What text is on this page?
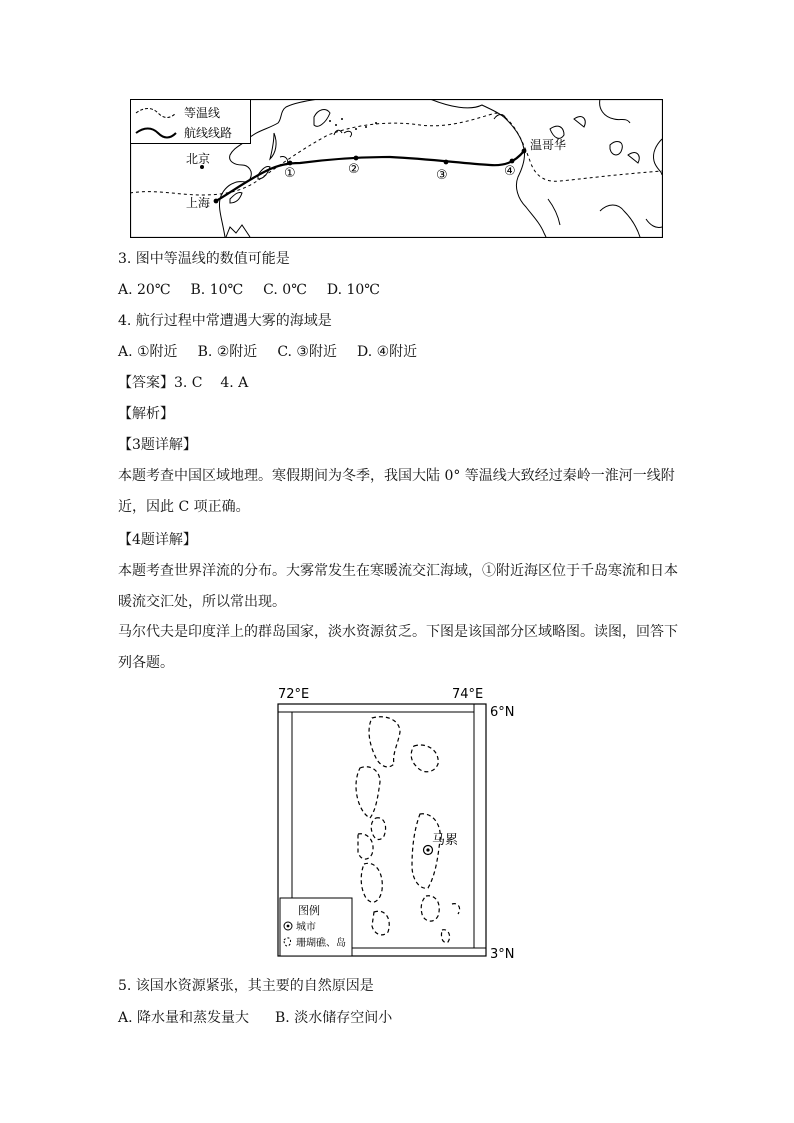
等温线
航线线路
北京
上海
温哥华
①	②	③	④
3. 图中等温线的数值可能是
A. 20℃ B. 10℃ C. 0℃ D. 10℃
4. 航行过程中常遭遇大雾的海域是
A. ①附近 B. ②附近 C. ③附近 D. ④附近
【答案】3. C    4. A
【解析】
【3题详解】
本题考查中国区域地理。寒假期间为冬季，我国大陆 0° 等温线大致经过秦岭一淮河一线附近，因此 C 项正确。
【4题详解】
本题考查世界洋流的分布。大雾常发生在寒暖流交汇海域，①附近海区位于千岛寒流和日本暖流交汇处，所以常出现。
马尔代夫是印度洋上的群岛国家，淡水资源贫乏。下图是该国部分区域略图。读图，回答下列各题。
72°E	74°E
6°N
3°N
马累
图例
城市
珊瑚礁、岛
5. 该国水资源紧张，其主要的自然原因是
A. 降水量和蒸发量大 B. 淡水储存空间小
